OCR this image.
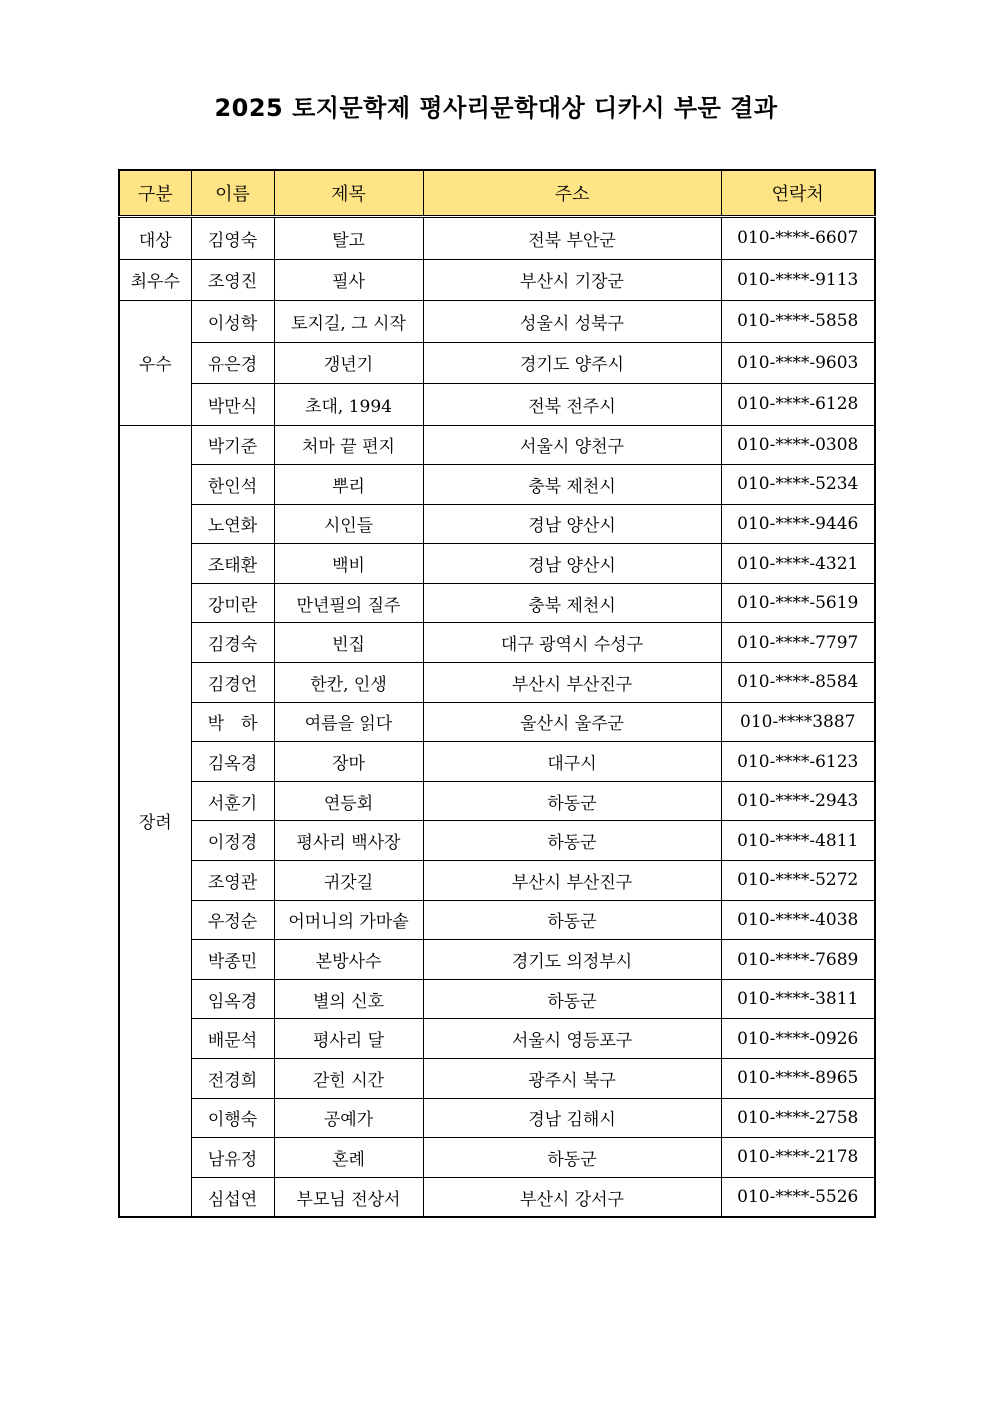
2025 토지문학제 평사리문학대상 디카시 부문 결과
구분	이름	제목	주소	연락처
대상	김영숙	탈고	전북 부안군	010-****-6607
최우수	조영진	필사	부산시 기장군	010-****-9113
우수	이성학	토지길, 그 시작	성울시 성북구	010-****-5858
	유은경	갱년기	경기도 양주시	010-****-9603
	박만식	초대, 1994	전북 전주시	010-****-6128
장려	박기준	처마 끝 편지	서울시 양천구	010-****-0308
	한인석	뿌리	충북 제천시	010-****-5234
	노연화	시인들	경남 양산시	010-****-9446
	조태환	백비	경남 양산시	010-****-4321
	강미란	만년필의 질주	충북 제천시	010-****-5619
	김경숙	빈집	대구 광역시 수성구	010-****-7797
	김경언	한칸, 인생	부산시 부산진구	010-****-8584
	박　하	여름을 읽다	울산시 울주군	010-****3887
	김옥경	장마	대구시	010-****-6123
	서훈기	연등회	하동군	010-****-2943
	이정경	평사리 백사장	하동군	010-****-4811
	조영관	귀갓길	부산시 부산진구	010-****-5272
	우정순	어머니의 가마솥	하동군	010-****-4038
	박종민	본방사수	경기도 의정부시	010-****-7689
	임옥경	별의 신호	하동군	010-****-3811
	배문석	평사리 달	서울시 영등포구	010-****-0926
	전경희	갇힌 시간	광주시 북구	010-****-8965
	이행숙	공예가	경남 김해시	010-****-2758
	남유정	혼례	하동군	010-****-2178
	심섭연	부모님 전상서	부산시 강서구	010-****-5526
